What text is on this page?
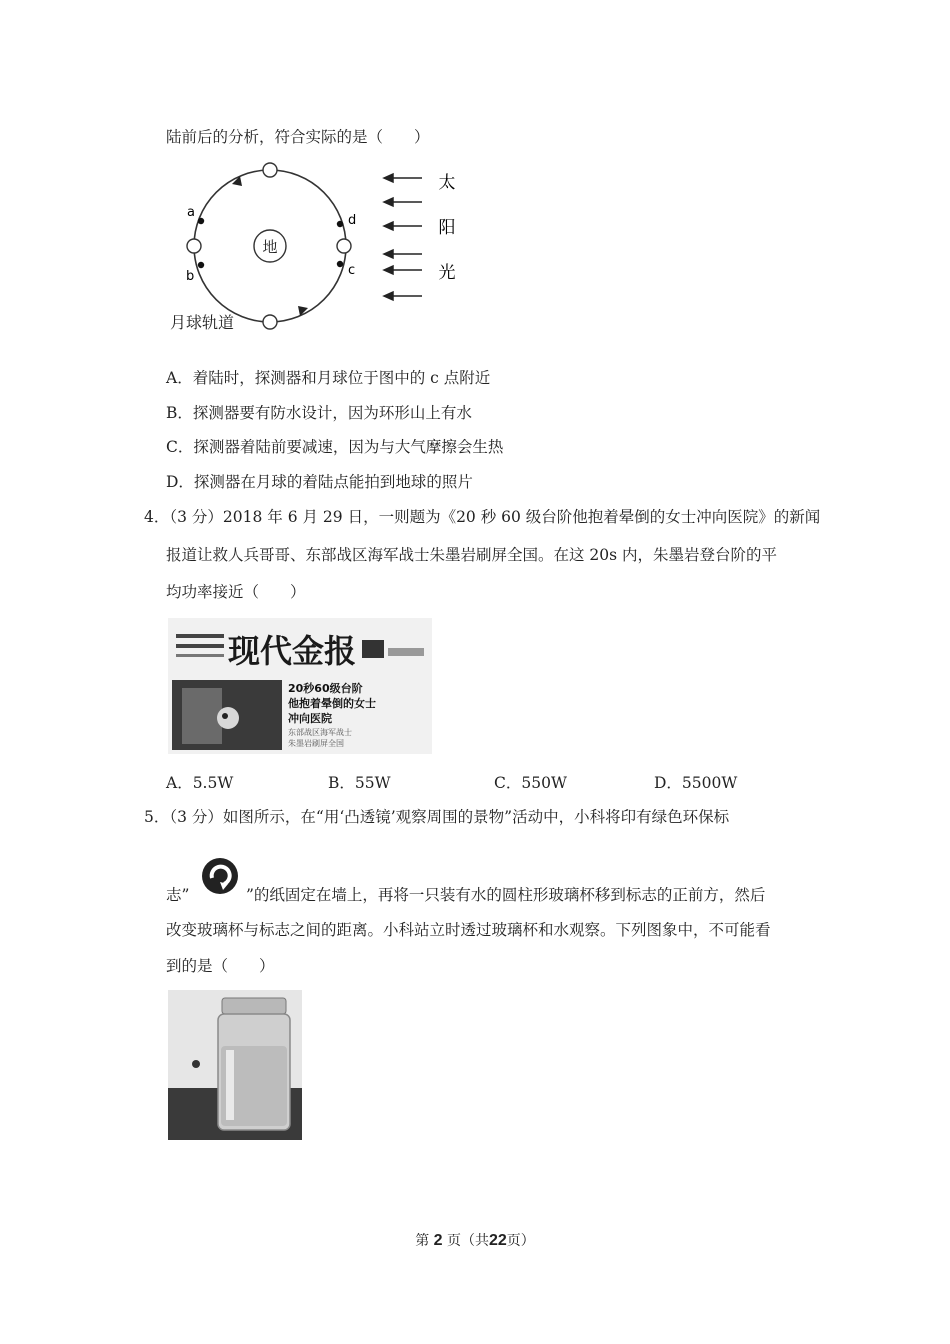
陆前后的分析，符合实际的是（　　）
地
a
b	c
d
月球轨道
太
阳
光
A．着陆时，探测器和月球位于图中的 c 点附近
B．探测器要有防水设计，因为环形山上有水
C．探测器着陆前要减速，因为与大气摩擦会生热
D．探测器在月球的着陆点能拍到地球的照片
4．（3 分）2018 年 6 月 29 日，一则题为《20 秒 60 级台阶他抱着晕倒的女士冲向医院》的新闻
报道让救人兵哥哥、东部战区海军战士朱墨岩刷屏全国。在这 20s 内，朱墨岩登台阶的平
均功率接近（　　）
现代金报
20秒60级台阶
他抱着晕倒的女士
冲向医院
东部战区海军战士
朱墨岩刷屏全国
A．5.5W	B．55W	C．550W	D．5500W
5．（3 分）如图所示，在“用‘凸透镜’观察周围的景物”活动中，小科将印有绿色环保标
志”	”的纸固定在墙上，再将一只装有水的圆柱形玻璃杯移到标志的正前方，然后
改变玻璃杯与标志之间的距离。小科站立时透过玻璃杯和水观察。下列图象中，不可能看
到的是（　　）
第 2 页（共22页）
